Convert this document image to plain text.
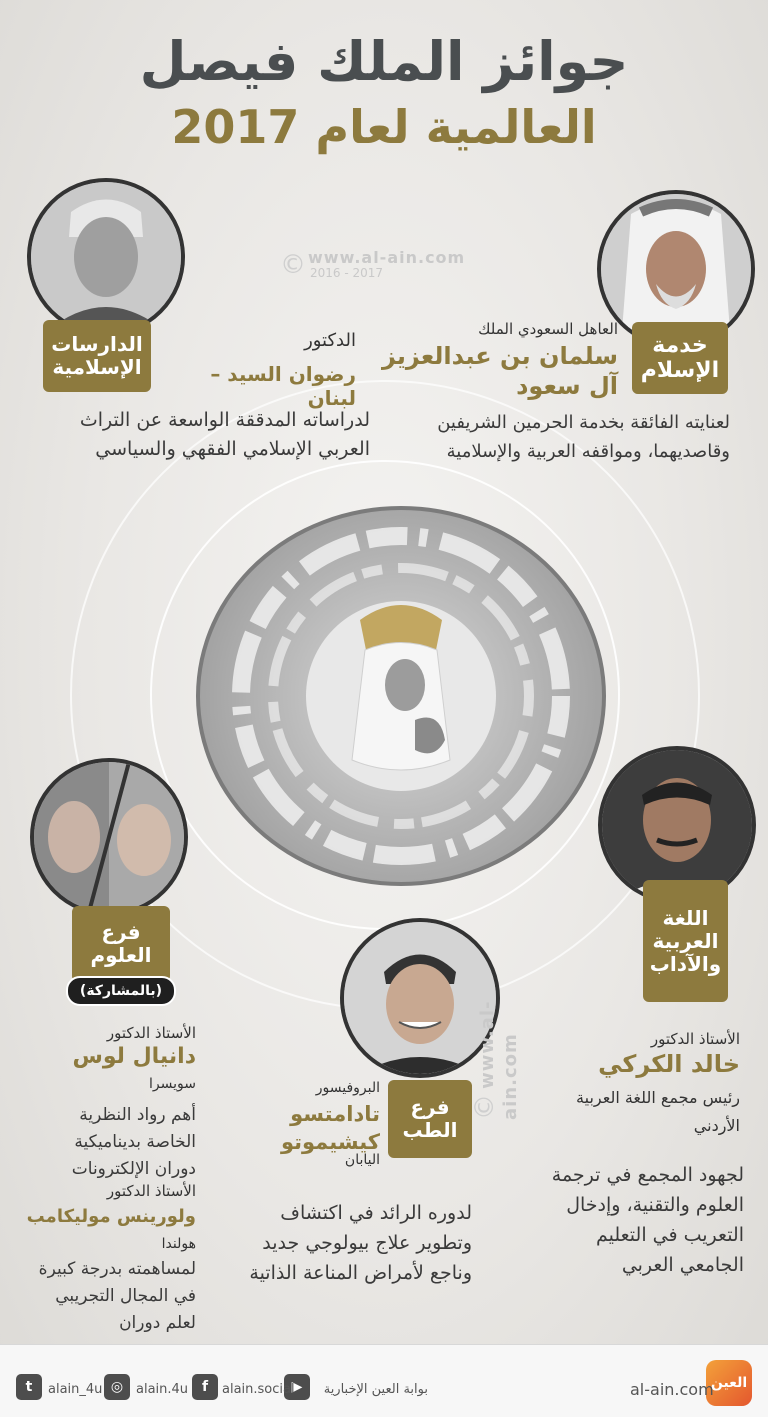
جوائز الملك فيصل
العالمية لعام 2017
www.al-ain.com
2016 - 2017
©
خدمة الإسلام
العاهل السعودي الملك
سلمان بن عبدالعزيز
آل سعود
لعنايته الفائقة بخدمة الحرمين الشريفين وقاصديهما، ومواقفه العربية والإسلامية
الدارسات الإسلامية
الدكتور
رضوان السيد – لبنان
لدراساته المدققة الواسعة عن التراث العربي الإسلامي الفقهي والسياسي
اللغة العربية والآداب
الأستاذ الدكتور
خالد الكركي
رئيس مجمع اللغة العربية الأردني
لجهود المجمع في ترجمة العلوم والتقنية، وإدخال التعريب في التعليم الجامعي العربي
فرع العلوم
(بالمشاركة)
الأستاذ الدكتور
دانيال لوس
سويسرا
أهم رواد النظرية الخاصة بديناميكية دوران الإلكترونات
الأستاذ الدكتور
ولورينس موليكامب
هولندا
لمساهمته بدرجة كبيرة في المجال التجريبي لعلم دوران
فرع الطب
البروفيسور
تادامتسو كيشيموتو
اليابان
لدوره الرائد في اكتشاف وتطوير علاج بيولوجي جديد وناجع لأمراض المناعة الذاتية
© www.al-ain.com
العين
al-ain.com
بوابة العين الإخبارية
▶
alain.social
f
alain.4u
◎
alain_4u
t
